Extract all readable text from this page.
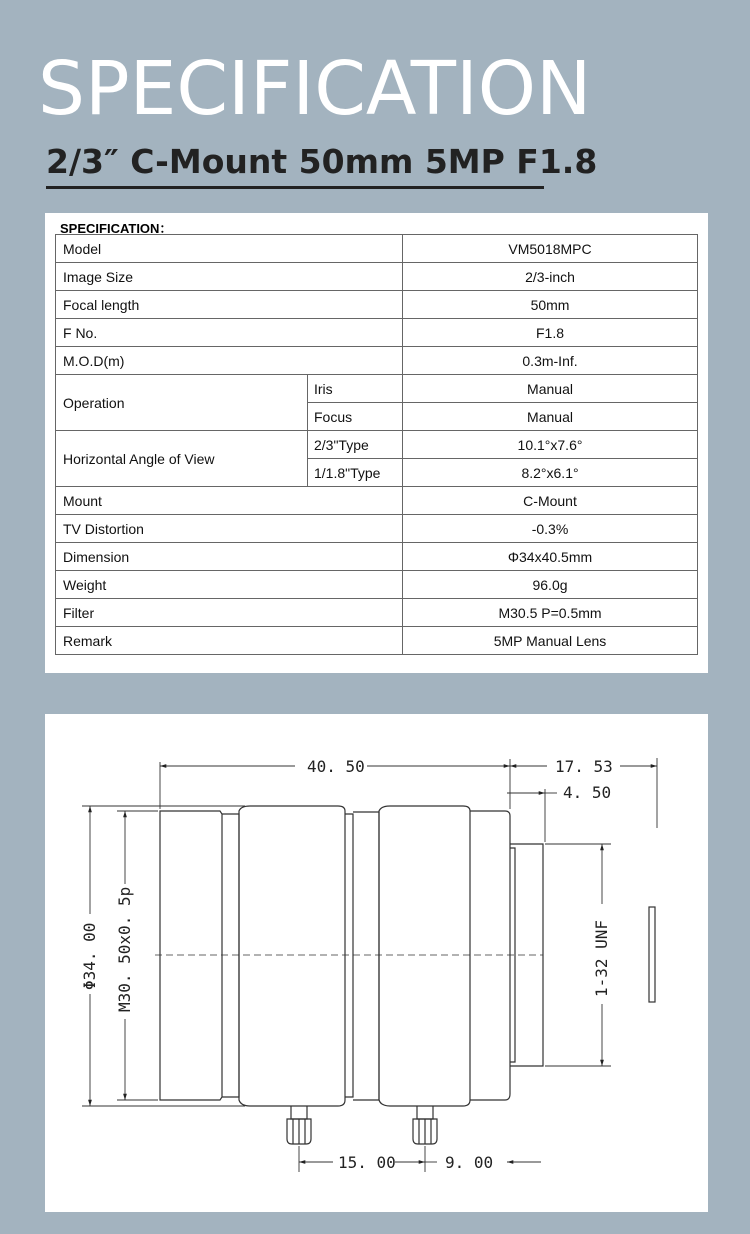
SPECIFICATION
2/3″ C-Mount 50mm 5MP F1.8
SPECIFICATION：
Model		VM5018MPC
Image Size		2/3-inch
Focal length		50mm
F No.		F1.8
M.O.D(m)		0.3m-Inf.
Operation	Iris	Manual
	Focus	Manual
Horizontal Angle of View	2/3"Type	10.1°x7.6°
	1/1.8"Type	8.2°x6.1°
Mount		C-Mount
TV Distortion		-0.3%
Dimension		Φ34x40.5mm
Weight		96.0g
Filter		M30.5 P=0.5mm
Remark		5MP Manual Lens
40. 50	17. 53
4. 50
Φ34. 00 M30. 50x0. 5p	1-32 UNF
15. 00	9. 00
